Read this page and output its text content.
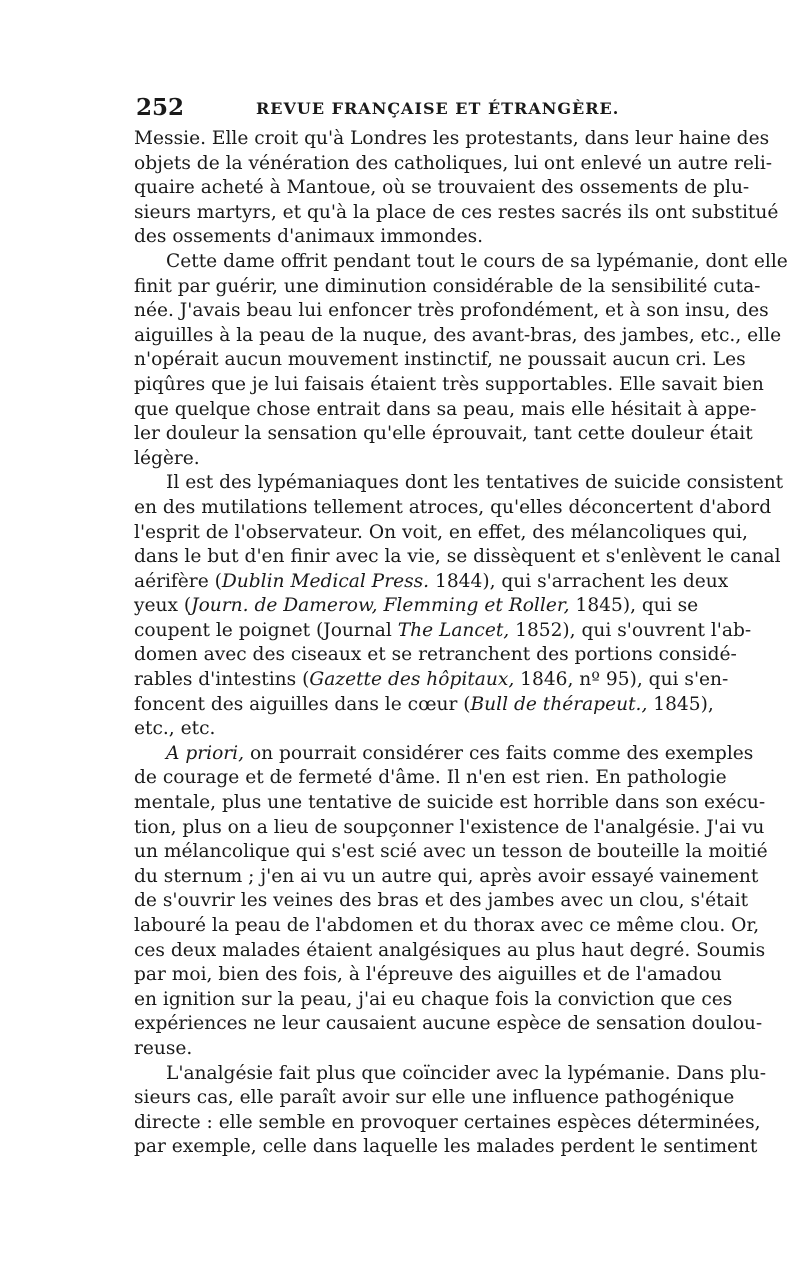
252	REVUE FRANÇAISE ET ÉTRANGÈRE.
Messie. Elle croit qu'à Londres les protestants, dans leur haine des
objets de la vénération des catholiques, lui ont enlevé un autre reli-
quaire acheté à Mantoue, où se trouvaient des ossements de plu-
sieurs martyrs, et qu'à la place de ces restes sacrés ils ont substitué
des ossements d'animaux immondes.
Cette dame offrit pendant tout le cours de sa lypémanie, dont elle
finit par guérir, une diminution considérable de la sensibilité cuta-
née. J'avais beau lui enfoncer très profondément, et à son insu, des
aiguilles à la peau de la nuque, des avant-bras, des jambes, etc., elle
n'opérait aucun mouvement instinctif, ne poussait aucun cri. Les
piqûres que je lui faisais étaient très supportables. Elle savait bien
que quelque chose entrait dans sa peau, mais elle hésitait à appe-
ler douleur la sensation qu'elle éprouvait, tant cette douleur était
légère.
Il est des lypémaniaques dont les tentatives de suicide consistent
en des mutilations tellement atroces, qu'elles déconcertent d'abord
l'esprit de l'observateur. On voit, en effet, des mélancoliques qui,
dans le but d'en finir avec la vie, se dissèquent et s'enlèvent le canal
aérifère (Dublin Medical Press. 1844), qui s'arrachent les deux
yeux (Journ. de Damerow, Flemming et Roller, 1845), qui se
coupent le poignet (Journal The Lancet, 1852), qui s'ouvrent l'ab-
domen avec des ciseaux et se retranchent des portions considé-
rables d'intestins (Gazette des hôpitaux, 1846, nº 95), qui s'en-
foncent des aiguilles dans le cœur (Bull de thérapeut., 1845),
etc., etc.
A priori, on pourrait considérer ces faits comme des exemples
de courage et de fermeté d'âme. Il n'en est rien. En pathologie
mentale, plus une tentative de suicide est horrible dans son exécu-
tion, plus on a lieu de soupçonner l'existence de l'analgésie. J'ai vu
un mélancolique qui s'est scié avec un tesson de bouteille la moitié
du sternum ; j'en ai vu un autre qui, après avoir essayé vainement
de s'ouvrir les veines des bras et des jambes avec un clou, s'était
labouré la peau de l'abdomen et du thorax avec ce même clou. Or,
ces deux malades étaient analgésiques au plus haut degré. Soumis
par moi, bien des fois, à l'épreuve des aiguilles et de l'amadou
en ignition sur la peau, j'ai eu chaque fois la conviction que ces
expériences ne leur causaient aucune espèce de sensation doulou-
reuse.
L'analgésie fait plus que coïncider avec la lypémanie. Dans plu-
sieurs cas, elle paraît avoir sur elle une influence pathogénique
directe : elle semble en provoquer certaines espèces déterminées,
par exemple, celle dans laquelle les malades perdent le sentiment
